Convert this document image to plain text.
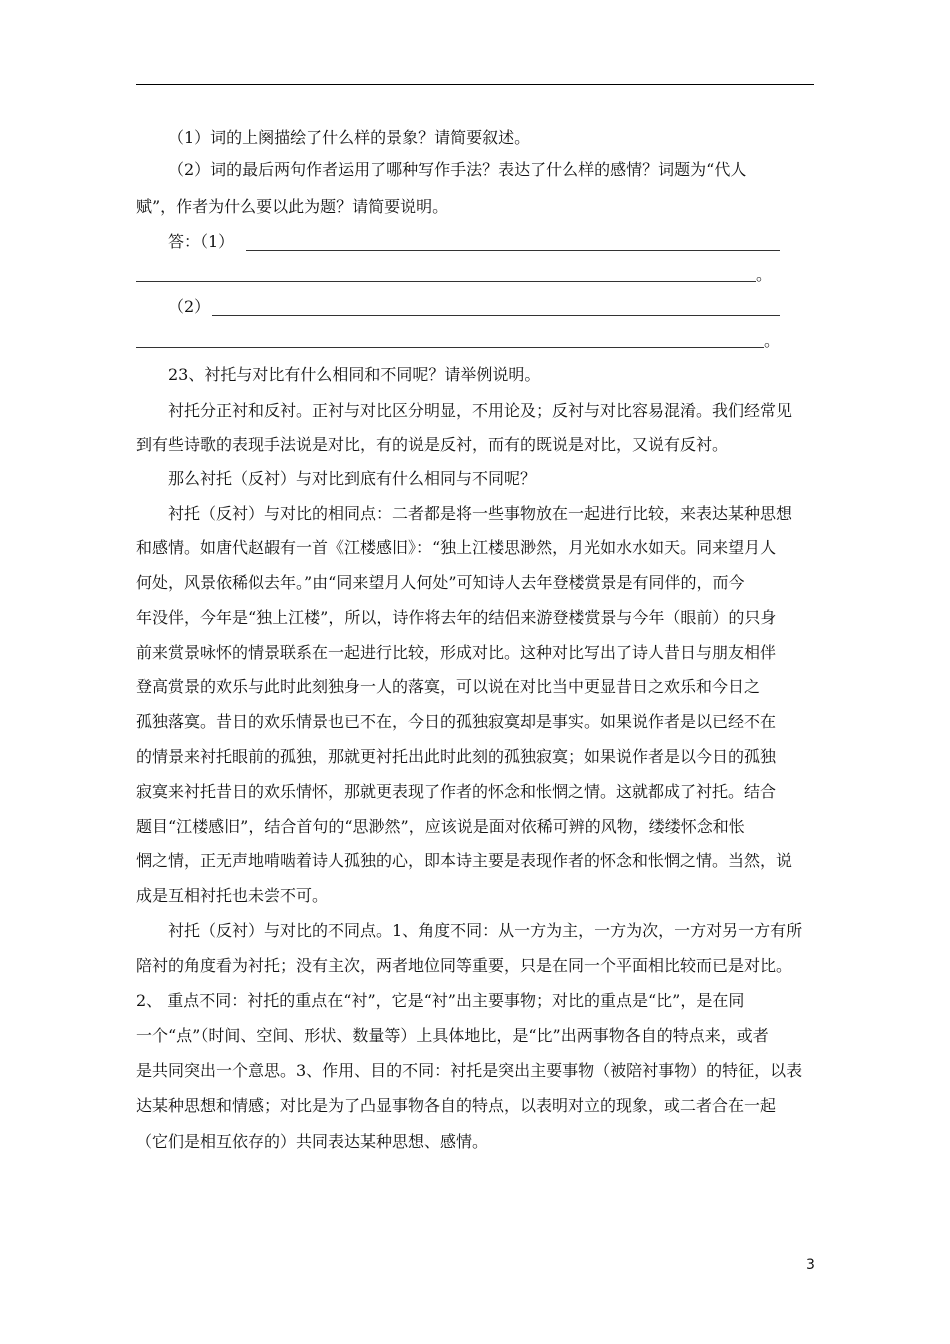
（1）词的上阕描绘了什么样的景象？请简要叙述。
（2）词的最后两句作者运用了哪种写作手法？表达了什么样的感情？词题为“代人
赋”，作者为什么要以此为题？请简要说明。
答：（1）
。
（2）
。
23、衬托与对比有什么相同和不同呢？请举例说明。
衬托分正衬和反衬。正衬与对比区分明显，不用论及；反衬与对比容易混淆。我们经常见
到有些诗歌的表现手法说是对比，有的说是反衬，而有的既说是对比，又说有反衬。
那么衬托（反衬）与对比到底有什么相同与不同呢？
衬托（反衬）与对比的相同点：二者都是将一些事物放在一起进行比较，来表达某种思想
和感情。如唐代赵嘏有一首《江楼感旧》：“独上江楼思渺然，月光如水水如天。同来望月人
何处，风景依稀似去年。”由“同来望月人何处”可知诗人去年登楼赏景是有同伴的，而今
年没伴，今年是“独上江楼”，所以，诗作将去年的结侣来游登楼赏景与今年（眼前）的只身
前来赏景咏怀的情景联系在一起进行比较，形成对比。这种对比写出了诗人昔日与朋友相伴
登高赏景的欢乐与此时此刻独身一人的落寞，可以说在对比当中更显昔日之欢乐和今日之
孤独落寞。昔日的欢乐情景也已不在，今日的孤独寂寞却是事实。如果说作者是以已经不在
的情景来衬托眼前的孤独，那就更衬托出此时此刻的孤独寂寞；如果说作者是以今日的孤独
寂寞来衬托昔日的欢乐情怀，那就更表现了作者的怀念和怅惘之情。这就都成了衬托。结合
题目“江楼感旧”，结合首句的“思渺然”，应该说是面对依稀可辨的风物，缕缕怀念和怅
惘之情，正无声地啃啮着诗人孤独的心，即本诗主要是表现作者的怀念和怅惘之情。当然，说
成是互相衬托也未尝不可。
衬托（反衬）与对比的不同点。1、角度不同：从一方为主，一方为次，一方对另一方有所
陪衬的角度看为衬托；没有主次，两者地位同等重要，只是在同一个平面相比较而已是对比。
2、 重点不同：衬托的重点在“衬”，它是“衬”出主要事物；对比的重点是“比”，是在同
一个“点”（时间、空间、形状、数量等）上具体地比，是“比”出两事物各自的特点来，或者
是共同突出一个意思。3、作用、目的不同：衬托是突出主要事物（被陪衬事物）的特征，以表
达某种思想和情感；对比是为了凸显事物各自的特点，以表明对立的现象，或二者合在一起
（它们是相互依存的）共同表达某种思想、感情。
3
